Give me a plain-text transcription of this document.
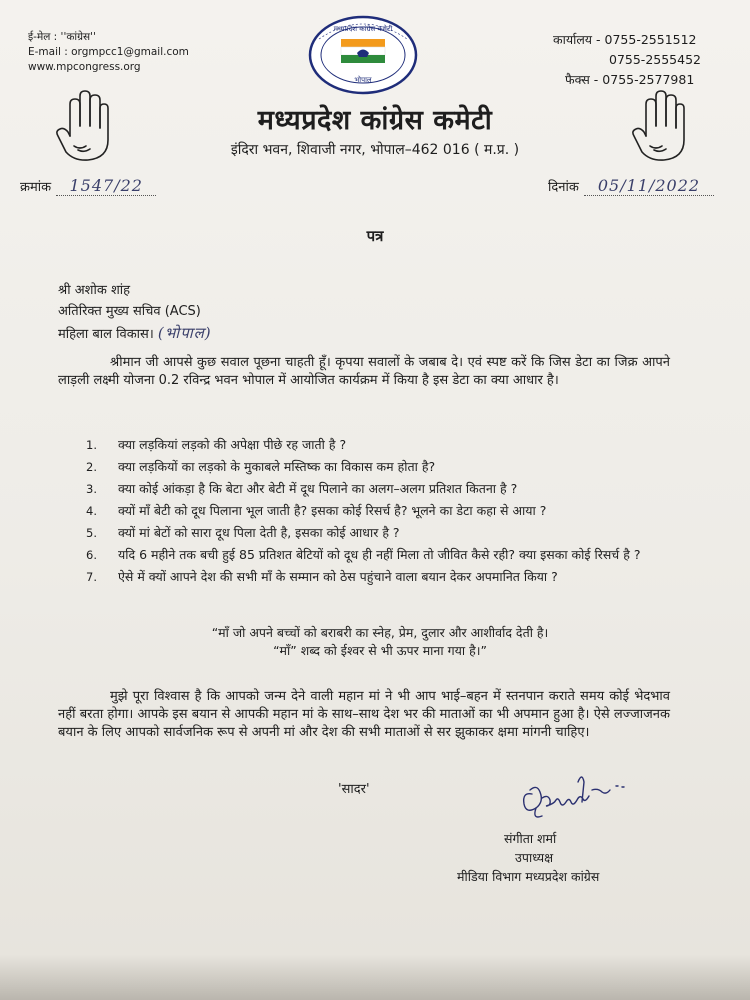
ई-मेल : ''कांग्रेस''
E-mail : orgmpcc1@gmail.com
www.mpcongress.org
मध्यप्रदेश कांग्रेस कमेटी
भोपाल
कार्यालय - 0755-2551512
0755-2555452
फैक्स - 0755-2577981
मध्यप्रदेश कांग्रेस कमेटी
इंदिरा भवन, शिवाजी नगर, भोपाल–462 016 ( म.प्र. )
क्रमांक 1547/22	दिनांक 05/11/2022
पत्र
श्री अशोक शांह
अतिरिक्त मुख्य सचिव (ACS)
महिला बाल विकास। (भोपाल)
श्रीमान जी आपसे कुछ सवाल पूछना चाहती हूँ। कृपया सवालों के जबाब दे। एवं स्पष्ट करें कि जिस डेटा का जिक्र आपने लाड़ली लक्ष्मी योजना 0.2 रविन्द्र भवन भोपाल में आयोजित कार्यक्रम में किया है इस डेटा का क्या आधार है।
1. क्या लड़कियां लड़को की अपेक्षा पीछे रह जाती है ?
2. क्या लड़कियों का लड़को के मुकाबले मस्तिष्क का विकास कम होता है?
3. क्या कोई आंकड़ा है कि बेटा और बेटी में दूध पिलाने का अलग–अलग प्रतिशत कितना है ?
4. क्यों माँ बेटी को दूध पिलाना भूल जाती है? इसका कोई रिसर्च है? भूलने का डेटा कहा से आया ?
5. क्यों मां बेटों को सारा दूध पिला देती है, इसका कोई आधार है ?
6. यदि 6 महीने तक बची हुई 85 प्रतिशत बेटियों को दूध ही नहीं मिला तो जीवित कैसे रही? क्या इसका कोई रिसर्च है ?
7. ऐसे में क्यों आपने देश की सभी माँ के सम्मान को ठेस पहुंचाने वाला बयान देकर अपमानित किया ?
“माँ जो अपने बच्चों को बराबरी का स्नेह, प्रेम, दुलार और आशीर्वाद देती है।
“माँ” शब्द को ईश्वर से भी ऊपर माना गया है।”
मुझे पूरा विश्वास है कि आपको जन्म देने वाली महान मां ने भी आप भाई–बहन में स्तनपान कराते समय कोई भेदभाव नहीं बरता होगा। आपके इस बयान से आपकी महान मां के साथ–साथ देश भर की माताओं का भी अपमान हुआ है। ऐसे लज्जाजनक बयान के लिए आपको सार्वजनिक रूप से अपनी मां और देश की सभी माताओं से सर झुकाकर क्षमा मांगनी चाहिए।
'सादर'
संगीता शर्मा
उपाध्यक्ष
मीडिया विभाग मध्यप्रदेश कांग्रेस
